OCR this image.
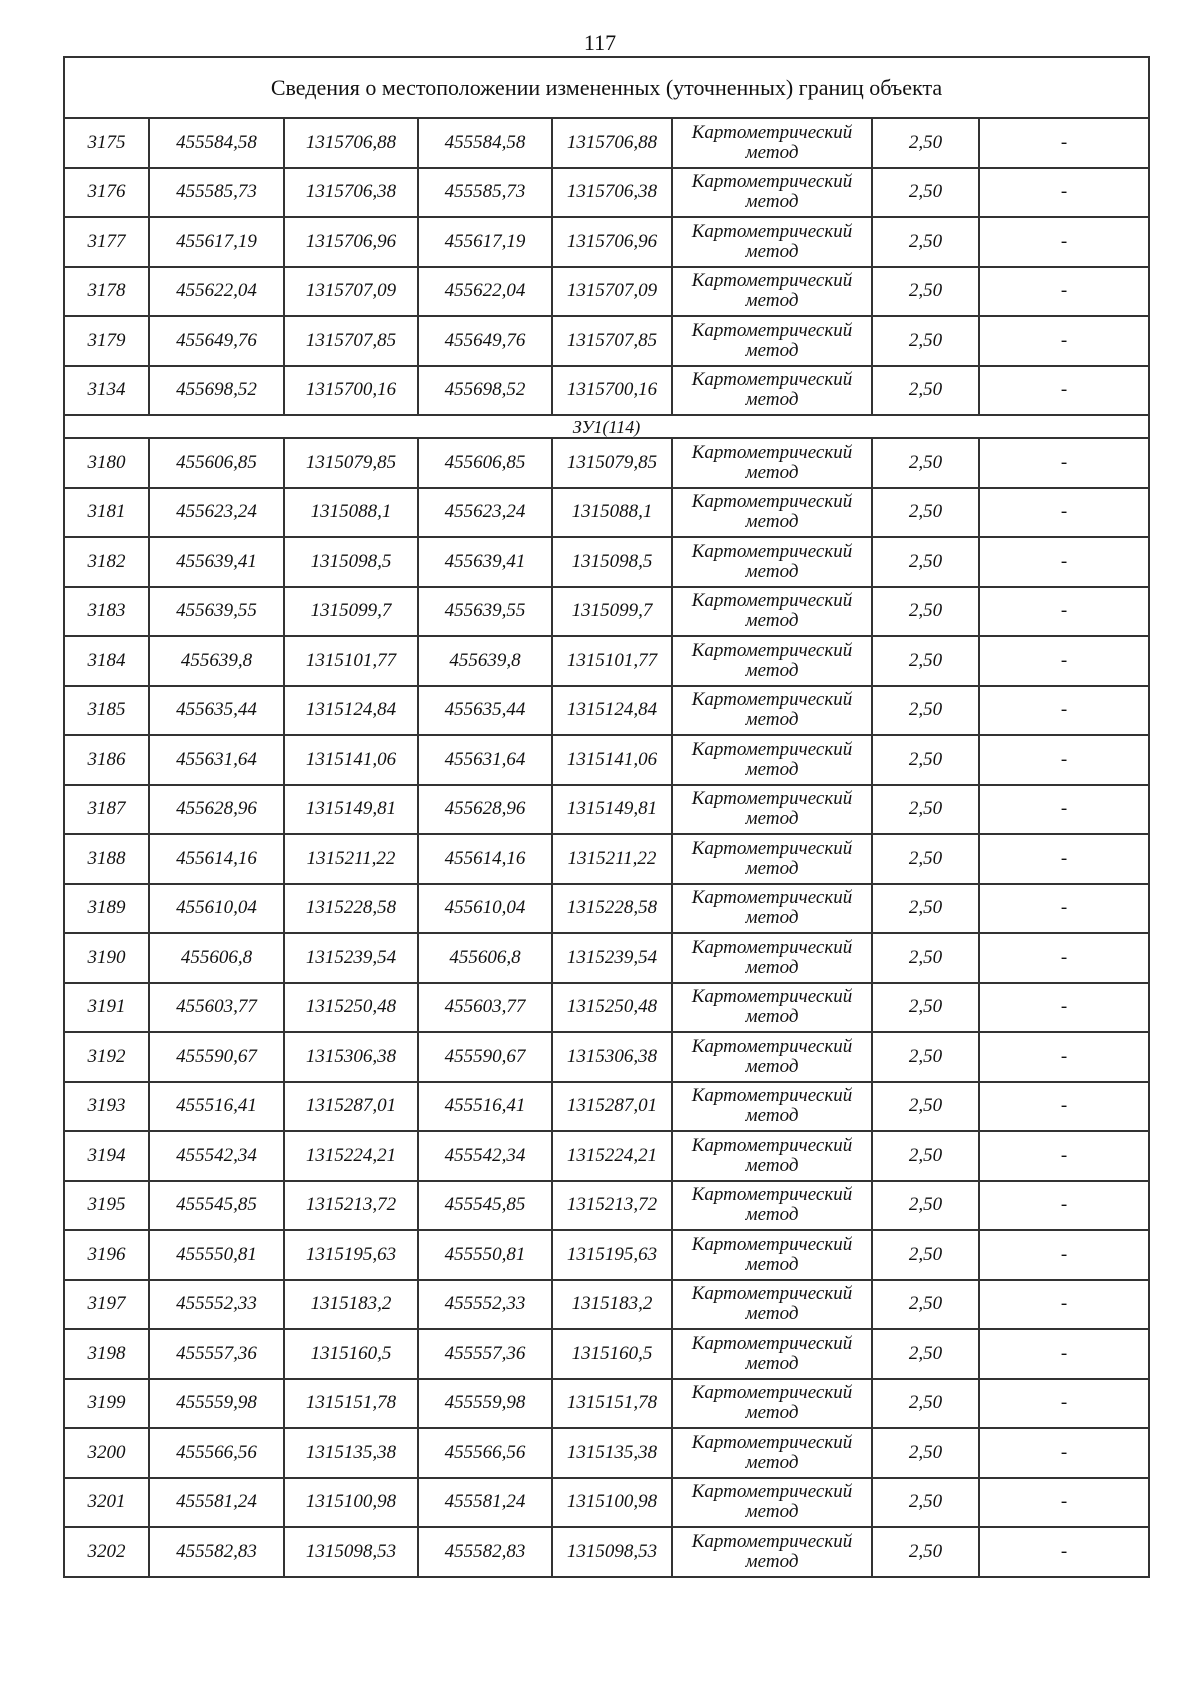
117
Сведения о местоположении измененных (уточненных) границ объекта							
3175	455584,58	1315706,88	455584,58	1315706,88	Картометрический метод	2,50	-
3176	455585,73	1315706,38	455585,73	1315706,38	Картометрический метод	2,50	-
3177	455617,19	1315706,96	455617,19	1315706,96	Картометрический метод	2,50	-
3178	455622,04	1315707,09	455622,04	1315707,09	Картометрический метод	2,50	-
3179	455649,76	1315707,85	455649,76	1315707,85	Картометрический метод	2,50	-
3134	455698,52	1315700,16	455698,52	1315700,16	Картометрический метод	2,50	-
ЗУ1(114)							
3180	455606,85	1315079,85	455606,85	1315079,85	Картометрический метод	2,50	-
3181	455623,24	1315088,1	455623,24	1315088,1	Картометрический метод	2,50	-
3182	455639,41	1315098,5	455639,41	1315098,5	Картометрический метод	2,50	-
3183	455639,55	1315099,7	455639,55	1315099,7	Картометрический метод	2,50	-
3184	455639,8	1315101,77	455639,8	1315101,77	Картометрический метод	2,50	-
3185	455635,44	1315124,84	455635,44	1315124,84	Картометрический метод	2,50	-
3186	455631,64	1315141,06	455631,64	1315141,06	Картометрический метод	2,50	-
3187	455628,96	1315149,81	455628,96	1315149,81	Картометрический метод	2,50	-
3188	455614,16	1315211,22	455614,16	1315211,22	Картометрический метод	2,50	-
3189	455610,04	1315228,58	455610,04	1315228,58	Картометрический метод	2,50	-
3190	455606,8	1315239,54	455606,8	1315239,54	Картометрический метод	2,50	-
3191	455603,77	1315250,48	455603,77	1315250,48	Картометрический метод	2,50	-
3192	455590,67	1315306,38	455590,67	1315306,38	Картометрический метод	2,50	-
3193	455516,41	1315287,01	455516,41	1315287,01	Картометрический метод	2,50	-
3194	455542,34	1315224,21	455542,34	1315224,21	Картометрический метод	2,50	-
3195	455545,85	1315213,72	455545,85	1315213,72	Картометрический метод	2,50	-
3196	455550,81	1315195,63	455550,81	1315195,63	Картометрический метод	2,50	-
3197	455552,33	1315183,2	455552,33	1315183,2	Картометрический метод	2,50	-
3198	455557,36	1315160,5	455557,36	1315160,5	Картометрический метод	2,50	-
3199	455559,98	1315151,78	455559,98	1315151,78	Картометрический метод	2,50	-
3200	455566,56	1315135,38	455566,56	1315135,38	Картометрический метод	2,50	-
3201	455581,24	1315100,98	455581,24	1315100,98	Картометрический метод	2,50	-
3202	455582,83	1315098,53	455582,83	1315098,53	Картометрический метод	2,50	-
